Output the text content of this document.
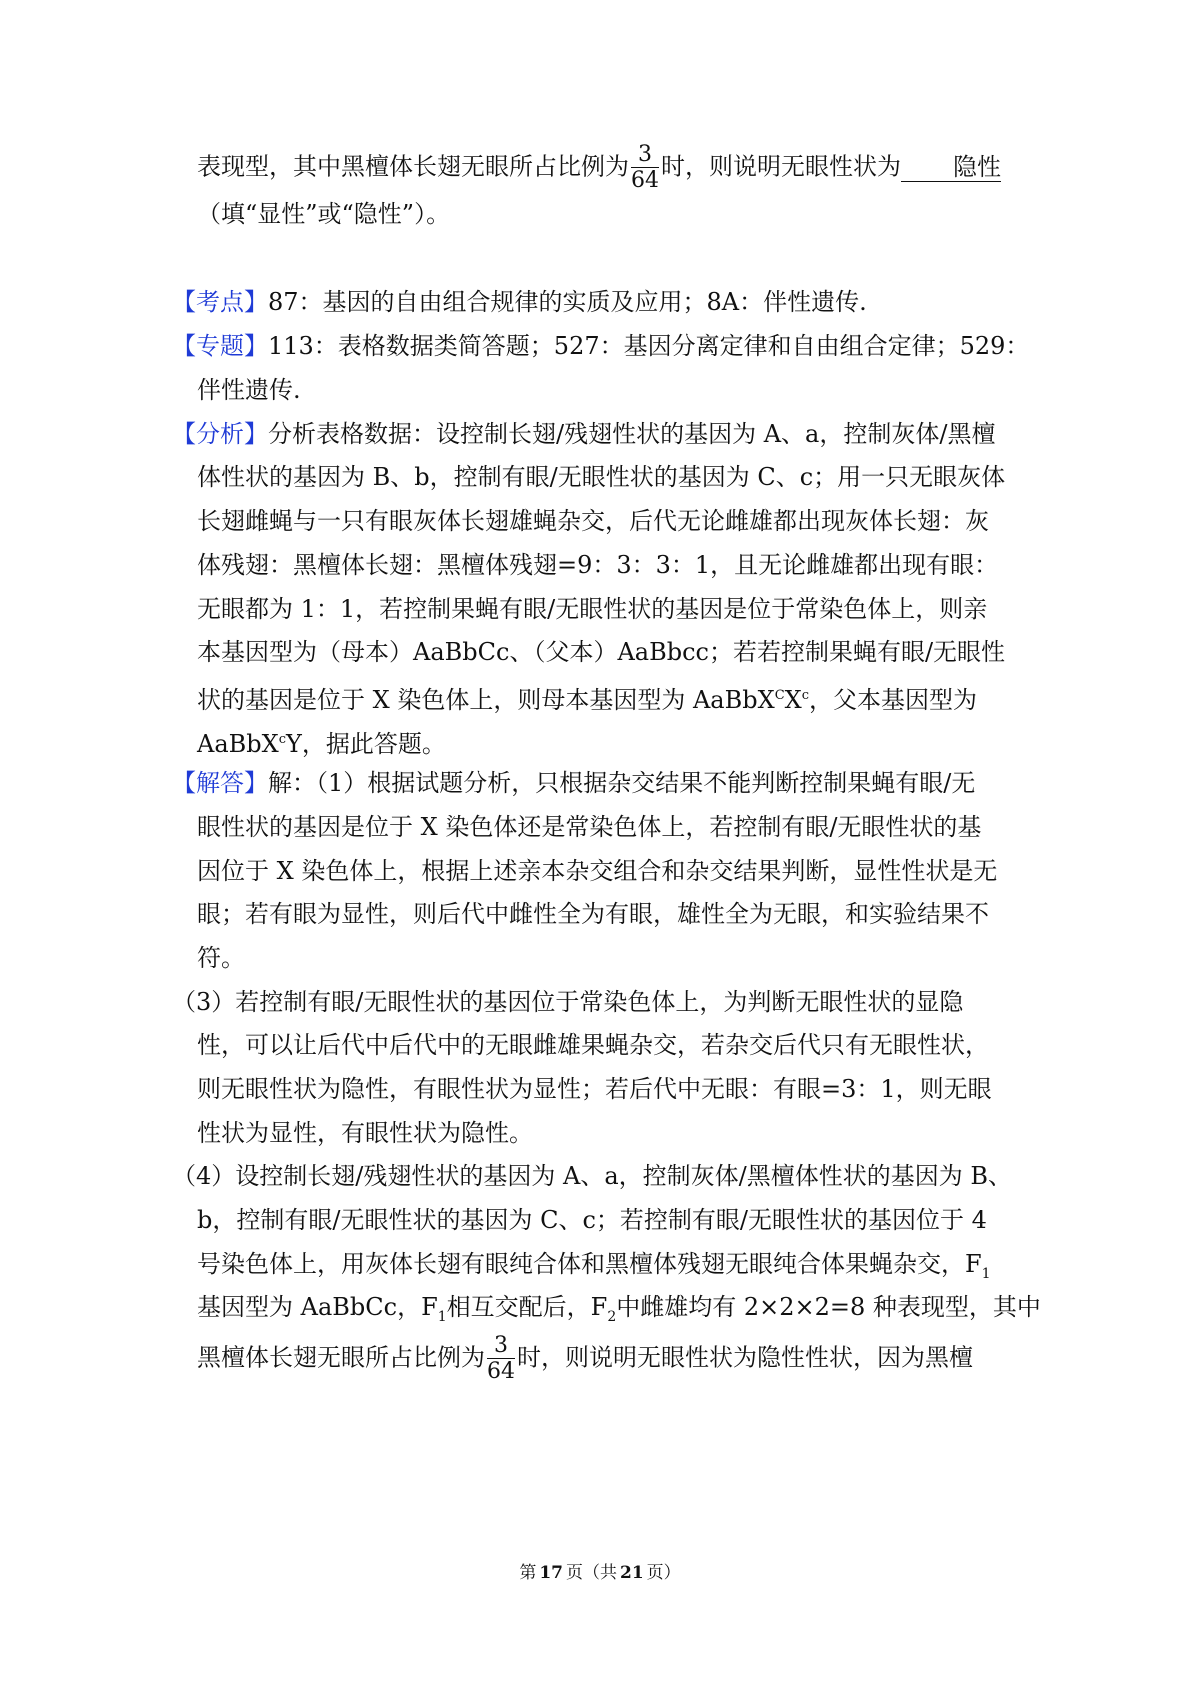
表现型，其中黑檀体长翅无眼所占比例为 $\frac{3}{64}$ 时，则说明无眼性状为 隐性
（填“显性”或“隐性”）。
【考点】87：基因的自由组合规律的实质及应用；8A：伴性遗传.
【专题】113：表格数据类简答题；527：基因分离定律和自由组合定律；529：
伴性遗传.
【分析】分析表格数据：设控制长翅/残翅性状的基因为 A、a，控制灰体/黑檀
体性状的基因为 B、b，控制有眼/无眼性状的基因为 C、c；用一只无眼灰体
长翅雌蝇与一只有眼灰体长翅雄蝇杂交，后代无论雌雄都出现灰体长翅：灰
体残翅：黑檀体长翅：黑檀体残翅=9：3：3：1，且无论雌雄都出现有眼：
无眼都为 1：1，若控制果蝇有眼/无眼性状的基因是位于常染色体上，则亲
本基因型为（母本）AaBbCc、（父本）AaBbcc；若若控制果蝇有眼/无眼性
状的基因是位于 X 染色体上，则母本基因型为 $AaBbX^CX^c$，父本基因型为
AaBbX$^c$Y，据此答题。
【解答】解：（1）根据试题分析，只根据杂交结果不能判断控制果蝇有眼/无
眼性状的基因是位于 X 染色体还是常染色体上，若控制有眼/无眼性状的基
因位于 X 染色体上，根据上述亲本杂交组合和杂交结果判断，显性性状是无
眼；若有眼为显性，则后代中雌性全为有眼，雄性全为无眼，和实验结果不
符。
（3）若控制有眼/无眼性状的基因位于常染色体上，为判断无眼性状的显隐
性，可以让后代中后代中的无眼雌雄果蝇杂交，若杂交后代只有无眼性状，
则无眼性状为隐性，有眼性状为显性；若后代中无眼：有眼=3：1，则无眼
性状为显性，有眼性状为隐性。
（4）设控制长翅/残翅性状的基因为 A、a，控制灰体/黑檀体性状的基因为 B、
b，控制有眼/无眼性状的基因为 C、c；若控制有眼/无眼性状的基因位于 4
号染色体上，用灰体长翅有眼纯合体和黑檀体残翅无眼纯合体果蝇杂交，$F_1$
基因型为 AaBbCc，$F_1$相互交配后，$F_2$中雌雄均有 2×2×2=8 种表现型，其中
黑檀体长翅无眼所占比例为 $\frac{3}{64}$ 时，则说明无眼性状为隐性性状，因为黑檀
第 17 页（共 21 页）
